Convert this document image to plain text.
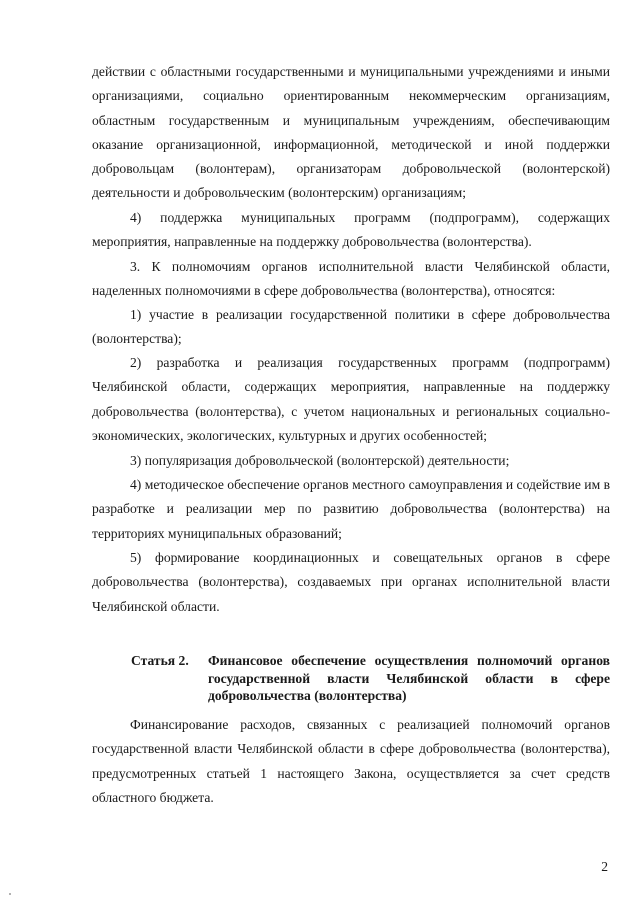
действии с областными государственными и муниципальными учреждениями и иными организациями, социально ориентированным некоммерческим организациям, областным государственным и муниципальным учреждениям, обеспечивающим оказание организационной, информационной, методической и иной поддержки добровольцам (волонтерам), организаторам добровольческой (волонтерской) деятельности и добровольческим (волонтерским) организациям;

4) поддержка муниципальных программ (подпрограмм), содержащих мероприятия, направленные на поддержку добровольчества (волонтерства).

3. К полномочиям органов исполнительной власти Челябинской области, наделенных полномочиями в сфере добровольчества (волонтерства), относятся:

1) участие в реализации государственной политики в сфере добровольчества (волонтерства);

2) разработка и реализация государственных программ (подпрограмм) Челябинской области, содержащих мероприятия, направленные на поддержку добровольчества (волонтерства), с учетом национальных и региональных социально-экономических, экологических, культурных и других особенностей;

3) популяризация добровольческой (волонтерской) деятельности;

4) методическое обеспечение органов местного самоуправления и содействие им в разработке и реализации мер по развитию добровольчества (волонтерства) на территориях муниципальных образований;

5) формирование координационных и совещательных органов в сфере добровольчества (волонтерства), создаваемых при органах исполнительной власти Челябинской области.

Статья 2. Финансовое обеспечение осуществления полномочий органов государственной власти Челябинской области в сфере добровольчества (волонтерства)

Финансирование расходов, связанных с реализацией полномочий органов государственной власти Челябинской области в сфере добровольчества (волонтерства), предусмотренных статьей 1 настоящего Закона, осуществляется за счет средств областного бюджета.

2
